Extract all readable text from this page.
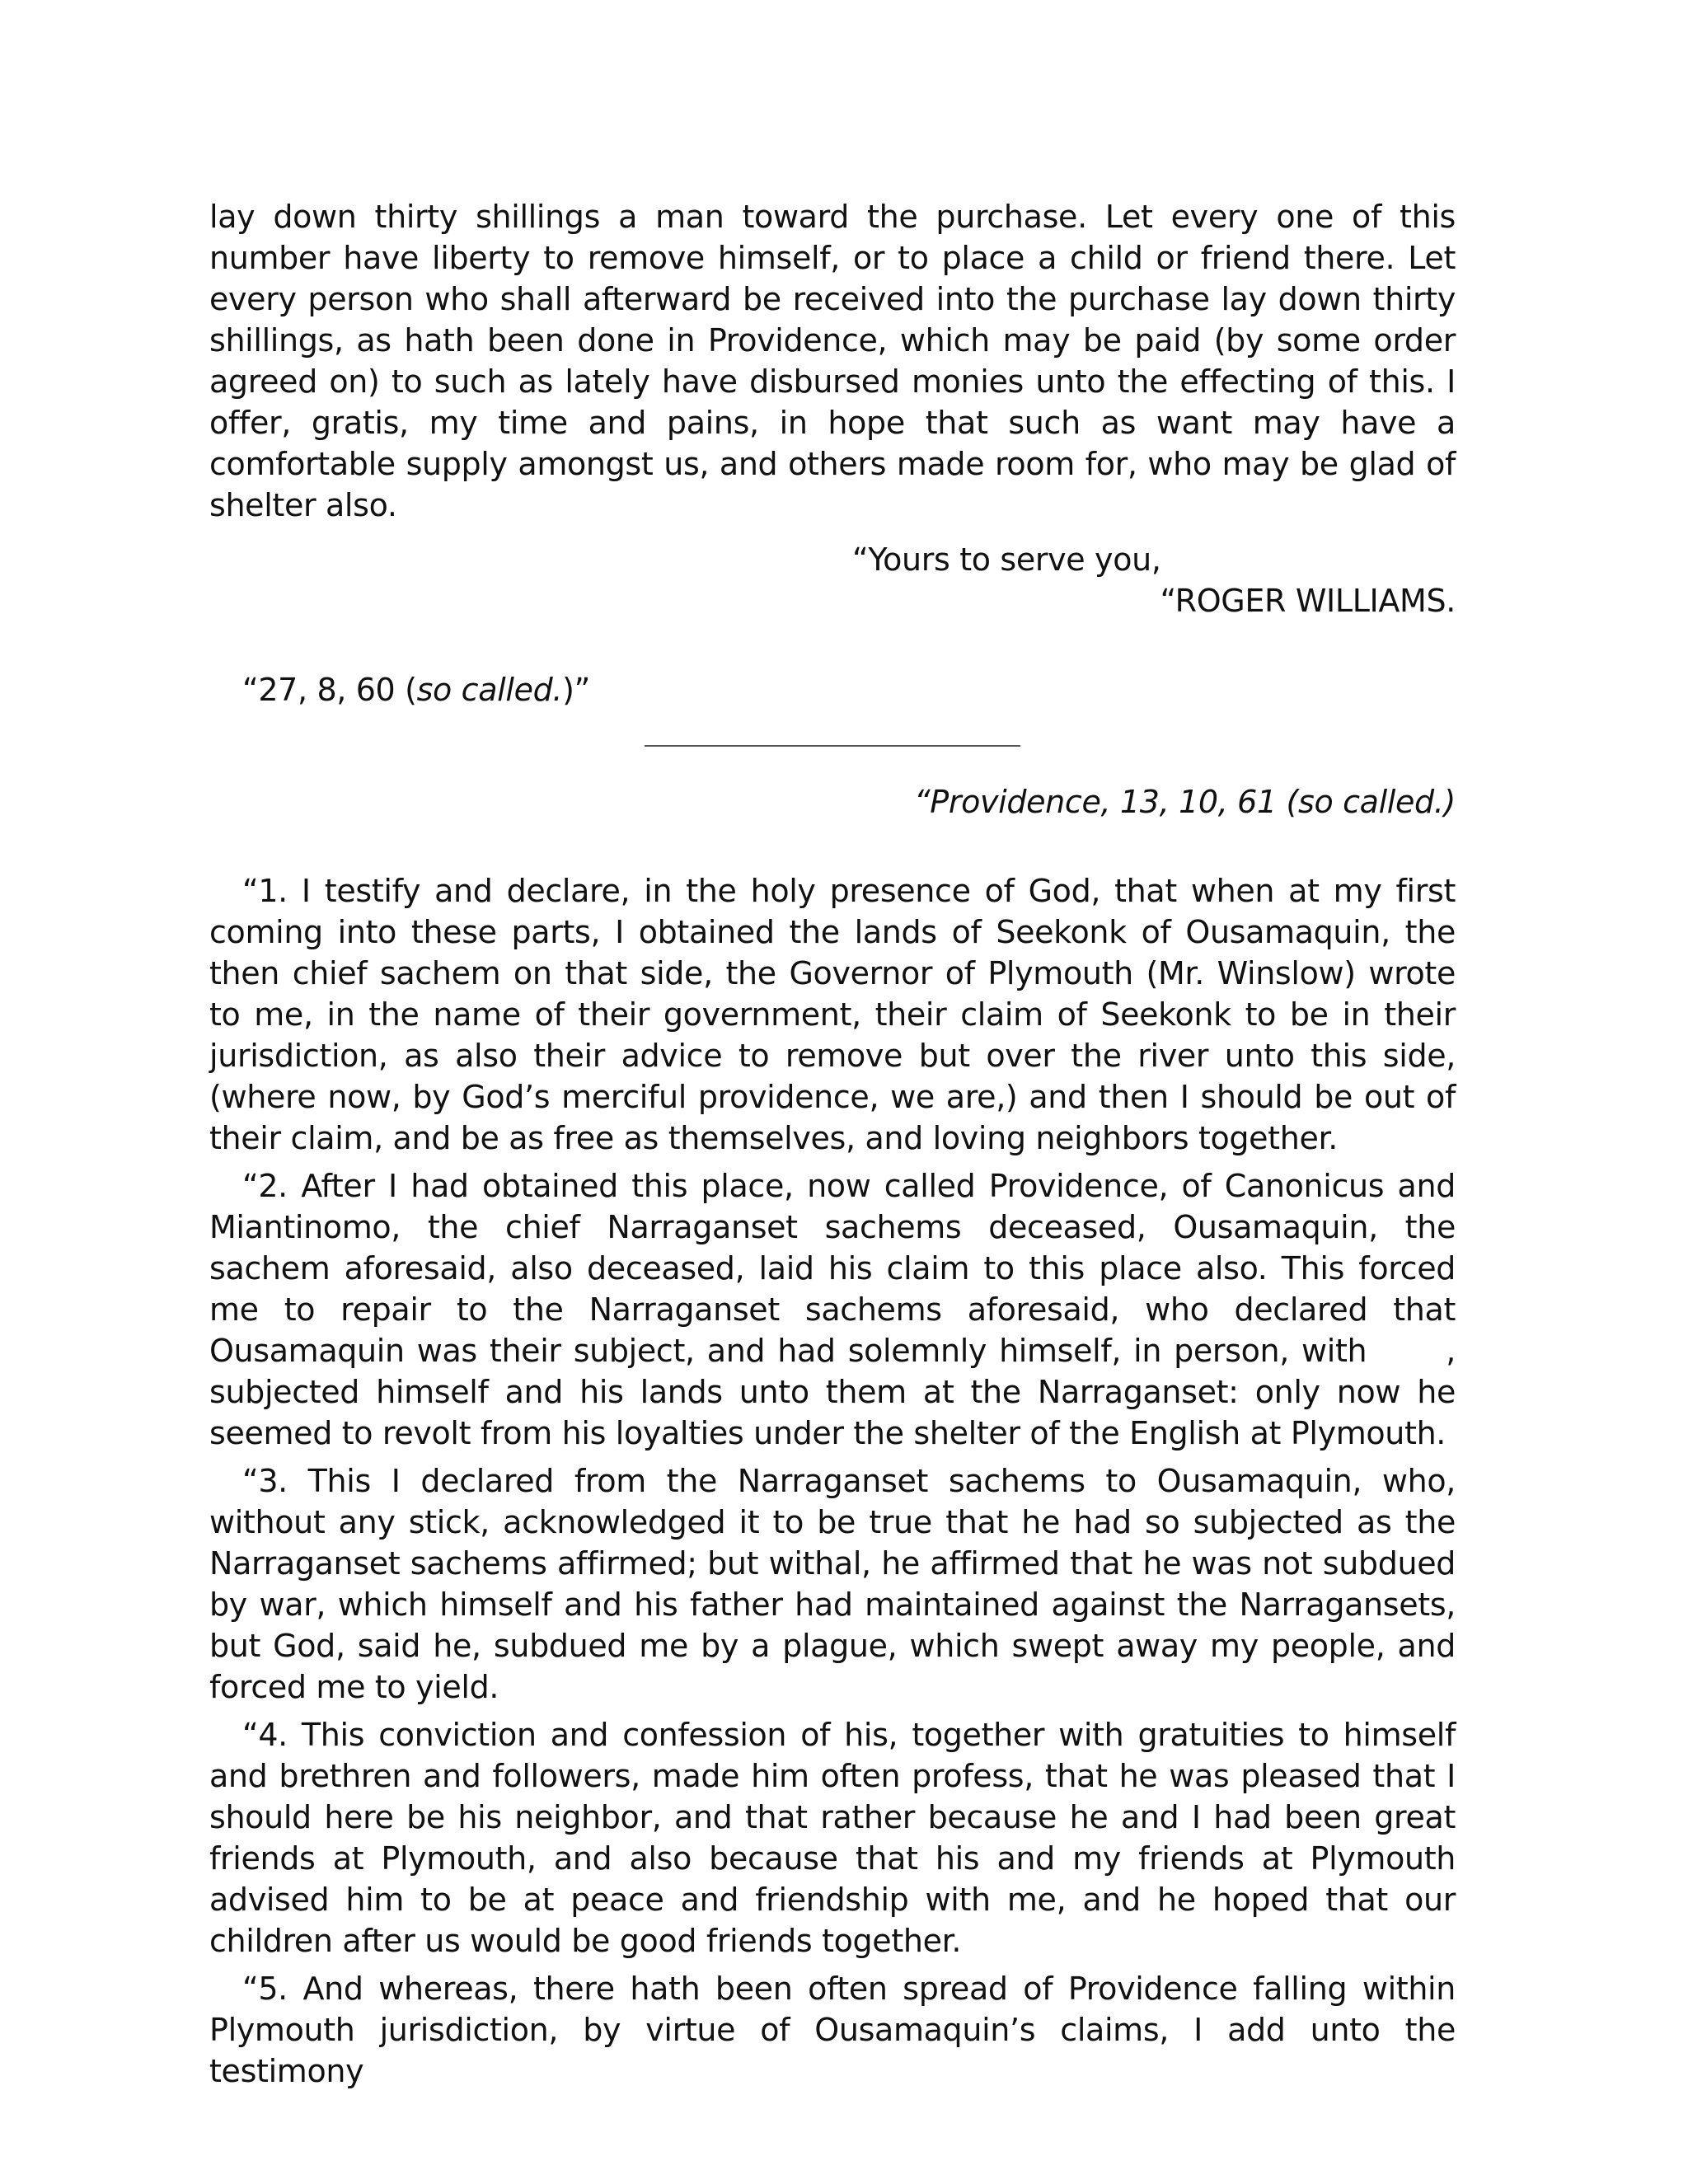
lay down thirty shillings a man toward the purchase. Let every one of this number have liberty to remove himself, or to place a child or friend there. Let every person who shall afterward be received into the purchase lay down thirty shillings, as hath been done in Providence, which may be paid (by some order agreed on) to such as lately have disbursed monies unto the effecting of this. I offer, gratis, my time and pains, in hope that such as want may have a comfortable supply amongst us, and others made room for, who may be glad of shelter also.

“Yours to serve you,

“ROGER WILLIAMS.

“27, 8, 60 (so called.)”

“Providence, 13, 10, 61 (so called.)

“1. I testify and declare, in the holy presence of God, that when at my first coming into these parts, I obtained the lands of Seekonk of Ousamaquin, the then chief sachem on that side, the Governor of Plymouth (Mr. Winslow) wrote to me, in the name of their government, their claim of Seekonk to be in their jurisdiction, as also their advice to remove but over the river unto this side, (where now, by God’s merciful providence, we are,) and then I should be out of their claim, and be as free as themselves, and loving neighbors together.

“2. After I had obtained this place, now called Providence, of Canonicus and Miantinomo, the chief Narraganset sachems deceased, Ousamaquin, the sachem aforesaid, also deceased, laid his claim to this place also. This forced me to repair to the Narraganset sachems aforesaid, who declared that Ousamaquin was their subject, and had solemnly himself, in person, with	, subjected himself and his lands unto them at the Narraganset: only now he seemed to revolt from his loyalties under the shelter of the English at Plymouth.

“3. This I declared from the Narraganset sachems to Ousamaquin, who, without any stick, acknowledged it to be true that he had so subjected as the Narraganset sachems affirmed; but withal, he affirmed that he was not subdued by war, which himself and his father had maintained against the Narragansets, but God, said he, subdued me by a plague, which swept away my people, and forced me to yield.

“4. This conviction and confession of his, together with gratuities to himself and brethren and followers, made him often profess, that he was pleased that I should here be his neighbor, and that rather because he and I had been great friends at Plymouth, and also because that his and my friends at Plymouth advised him to be at peace and friendship with me, and he hoped that our children after us would be good friends together.

“5. And whereas, there hath been often spread of Providence falling within Plymouth jurisdiction, by virtue of Ousamaquin’s claims, I add unto the testimony
